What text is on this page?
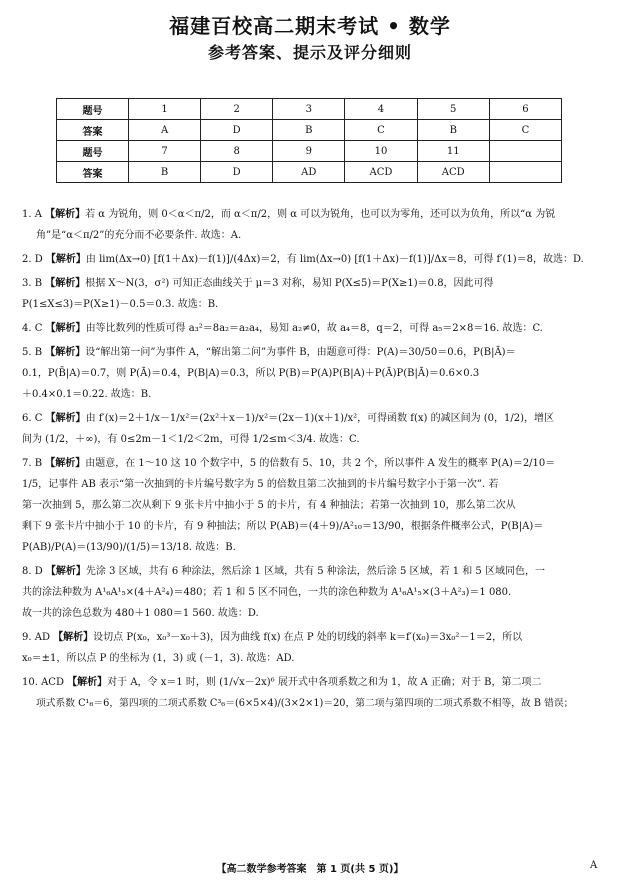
福建百校高二期末考试 • 数学
参考答案、提示及评分细则
题号	1	2	3	4	5	6
答案	A	D	B	C	B	C
题号	7	8	9	10	11	
答案	B	D	AD	ACD	ACD	

1. A 【解析】若 α 为锐角，则 0＜α＜π/2，而 α＜π/2，则 α 可以为锐角，也可以为零角，还可以为负角，所以“α 为锐
角”是“α＜π/2”的充分而不必要条件. 故选：A.

2. D 【解析】由 lim(Δx→0) [f(1＋Δx)－f(1)]/(4Δx)＝2，有 lim(Δx→0) [f(1＋Δx)－f(1)]/Δx＝8，可得 f′(1)＝8，故选：D.

3. B 【解析】根据 X～N(3，σ²) 可知正态曲线关于 μ＝3 对称，易知 P(X≤5)＝P(X≥1)＝0.8，因此可得
P(1≤X≤3)＝P(X≥1)－0.5＝0.3. 故选：B.

4. C 【解析】由等比数列的性质可得 a₃²＝8a₂＝a₂a₄，易知 a₂≠0，故 a₄＝8，q＝2，可得 a₅＝2×8＝16. 故选：C.

5. B 【解析】设“解出第一问”为事件 A，“解出第二问”为事件 B，由题意可得：P(A)＝30/50＝0.6，P(B|Ā)＝
0.1，P(B̄|A)＝0.7，则 P(Ā)＝0.4，P(B|A)＝0.3，所以 P(B)＝P(A)P(B|A)＋P(Ā)P(B|Ā)＝0.6×0.3
＋0.4×0.1＝0.22. 故选：B.

6. C 【解析】由 f′(x)＝2＋1/x－1/x²＝(2x²＋x－1)/x²＝(2x－1)(x＋1)/x²，可得函数 f(x) 的减区间为 (0，1/2)，增区
间为 (1/2，＋∞)，有 0≤2m－1＜1/2＜2m，可得 1/2≤m＜3/4. 故选：C.

7. B 【解析】由题意，在 1～10 这 10 个数字中，5 的倍数有 5、10，共 2 个，所以事件 A 发生的概率 P(A)＝2/10＝
1/5，记事件 AB 表示“第一次抽到的卡片编号数字为 5 的倍数且第二次抽到的卡片编号数字小于第一次”. 若
第一次抽到 5，那么第二次从剩下 9 张卡片中抽小于 5 的卡片，有 4 种抽法；若第一次抽到 10，那么第二次从
剩下 9 张卡片中抽小于 10 的卡片，有 9 种抽法；所以 P(AB)＝(4＋9)/A²₁₀＝13/90，根据条件概率公式，P(B|A)＝
P(AB)/P(A)＝(13/90)/(1/5)＝13/18. 故选：B.

8. D 【解析】先涂 3 区域，共有 6 种涂法，然后涂 1 区域，共有 5 种涂法，然后涂 5 区域，若 1 和 5 区域同色，一
共的涂法种数为 A¹₆A¹₅×(4＋A²₄)＝480；若 1 和 5 区不同色，一共的涂色种数为 A¹₆A¹₅×(3＋A²₃)＝1 080.
故一共的涂色总数为 480＋1 080＝1 560. 故选：D.

9. AD 【解析】设切点 P(x₀，x₀³－x₀＋3)，因为曲线 f(x) 在点 P 处的切线的斜率 k＝f′(x₀)＝3x₀²－1＝2，所以
x₀＝±1，所以点 P 的坐标为 (1，3) 或 (－1，3). 故选：AD.

10. ACD 【解析】对于 A，令 x＝1 时，则 (1/√x－2x)⁶ 展开式中各项系数之和为 1，故 A 正确；对于 B，第二项二
项式系数 C¹₆＝6，第四项的二项式系数 C³₆＝(6×5×4)/(3×2×1)＝20，第二项与第四项的二项式系数不相等，故 B 错误；

【高二数学参考答案　第 1 页(共 5 页)】	A
